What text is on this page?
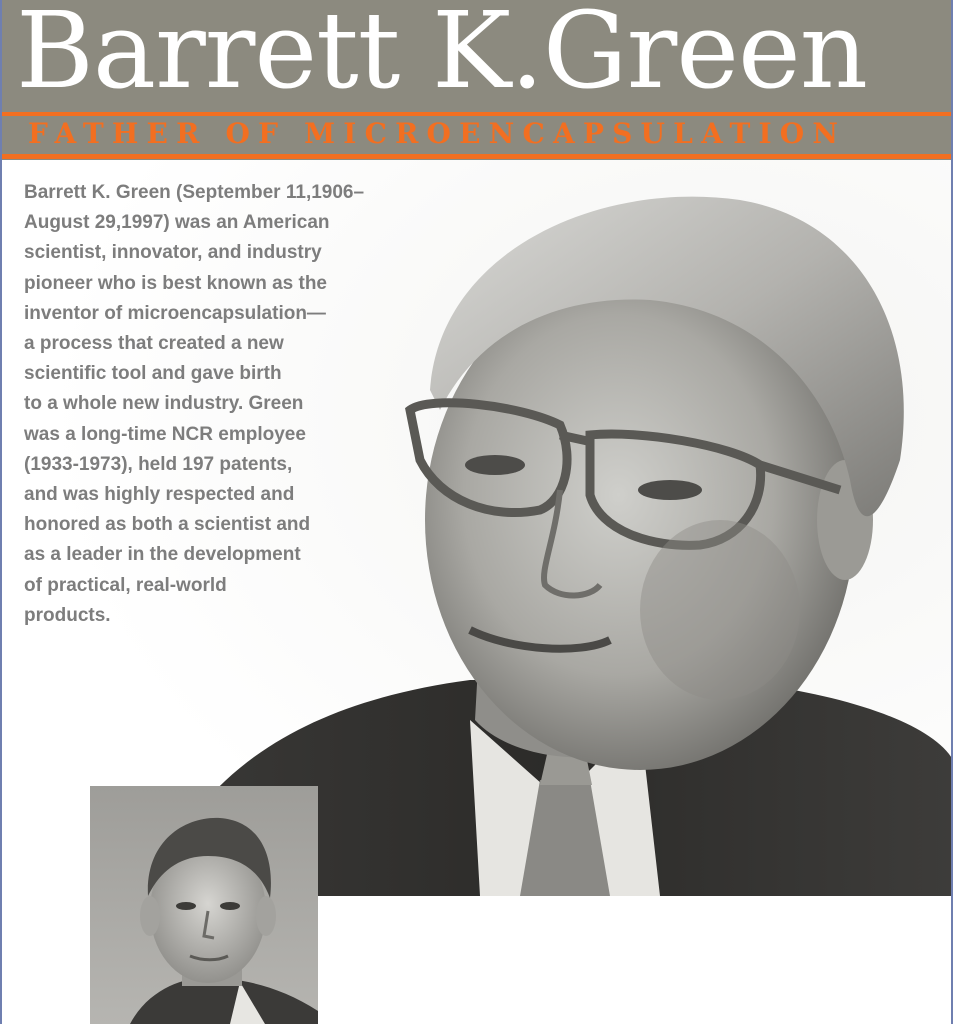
Barrett K.Green
FATHER OF MICROENCAPSULATION
Barrett K. Green (September 11,1906–
August 29,1997) was an American
scientist, innovator, and industry
pioneer who is best known as the
inventor of microencapsulation—
a process that created a new
scientific tool and gave birth
to a whole new industry. Green
was a long-time NCR employee
(1933-1973), held 197 patents,
and was highly respected and
honored as both a scientist and
as a leader in the development
of practical, real-world
products.
